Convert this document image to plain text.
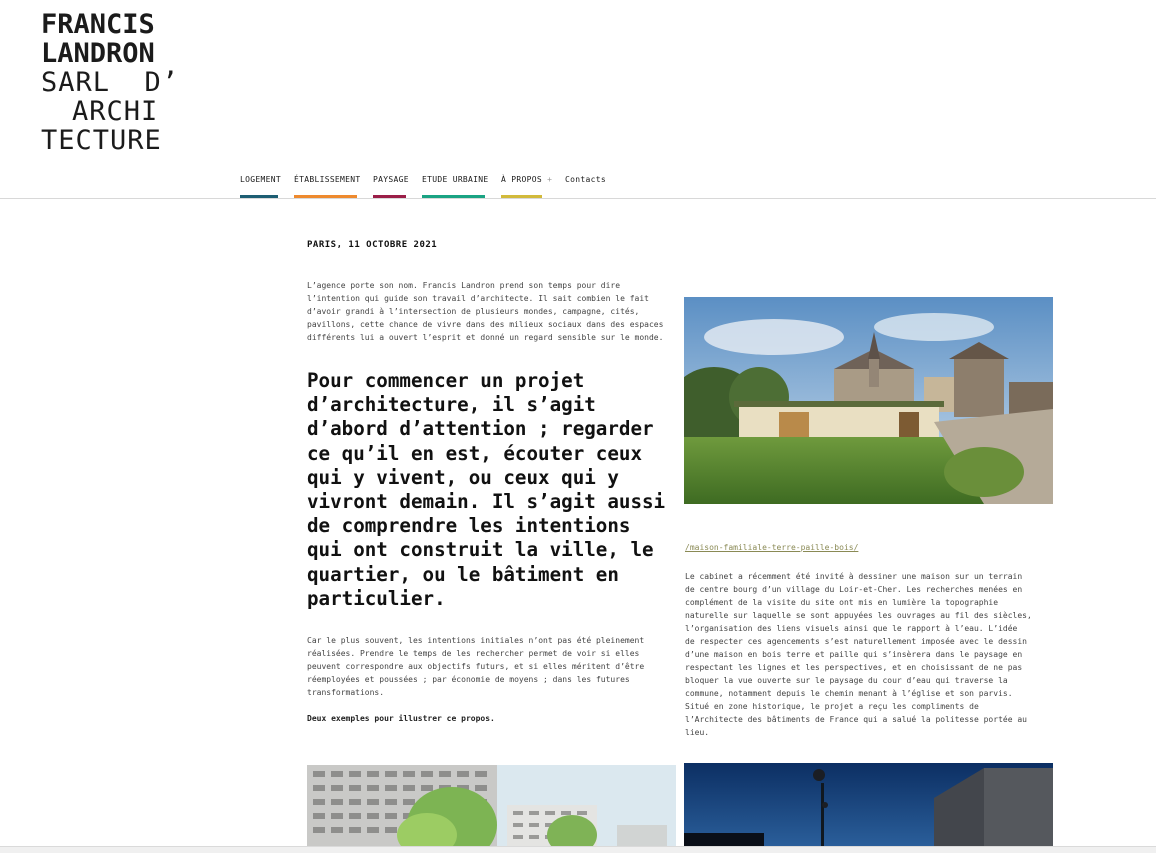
FRANCIS
LANDRON
SARL  D’
ARCHI
TECTURE
LOGEMENT ÉTABLISSEMENT PAYSAGE ETUDE URBAINE À PROPOS + Contacts
PARIS, 11 OCTOBRE 2021
L’agence porte son nom. Francis Landron prend son temps pour dire
l’intention qui guide son travail d’architecte. Il sait combien le fait
d’avoir grandi à l’intersection de plusieurs mondes, campagne, cités,
pavillons, cette chance de vivre dans des milieux sociaux dans des espaces
différents lui a ouvert l’esprit et donné un regard sensible sur le monde.
Pour commencer un projet
d’architecture, il s’agit
d’abord d’attention ; regarder
ce qu’il en est, écouter ceux
qui y vivent, ou ceux qui y
vivront demain. Il s’agit aussi
de comprendre les intentions
qui ont construit la ville, le
quartier, ou le bâtiment en
particulier.
Car le plus souvent, les intentions initiales n’ont pas été pleinement
réalisées. Prendre le temps de les rechercher permet de voir si elles
peuvent correspondre aux objectifs futurs, et si elles méritent d’être
réemployées et poussées ; par économie de moyens ; dans les futures
transformations.
Deux exemples pour illustrer ce propos.
/maison-familiale-terre-paille-bois/
Le cabinet a récemment été invité à dessiner une maison sur un terrain
de centre bourg d’un village du Loir-et-Cher. Les recherches menées en
complément de la visite du site ont mis en lumière la topographie
naturelle sur laquelle se sont appuyées les ouvrages au fil des siècles,
l’organisation des liens visuels ainsi que le rapport à l’eau. L’idée
de respecter ces agencements s’est naturellement imposée avec le dessin
d’une maison en bois terre et paille qui s’insèrera dans le paysage en
respectant les lignes et les perspectives, et en choisissant de ne pas
bloquer la vue ouverte sur le paysage du cour d’eau qui traverse la
commune, notamment depuis le chemin menant à l’église et son parvis.
Situé en zone historique, le projet a reçu les compliments de
l’Architecte des bâtiments de France qui a salué la politesse portée au
lieu.
